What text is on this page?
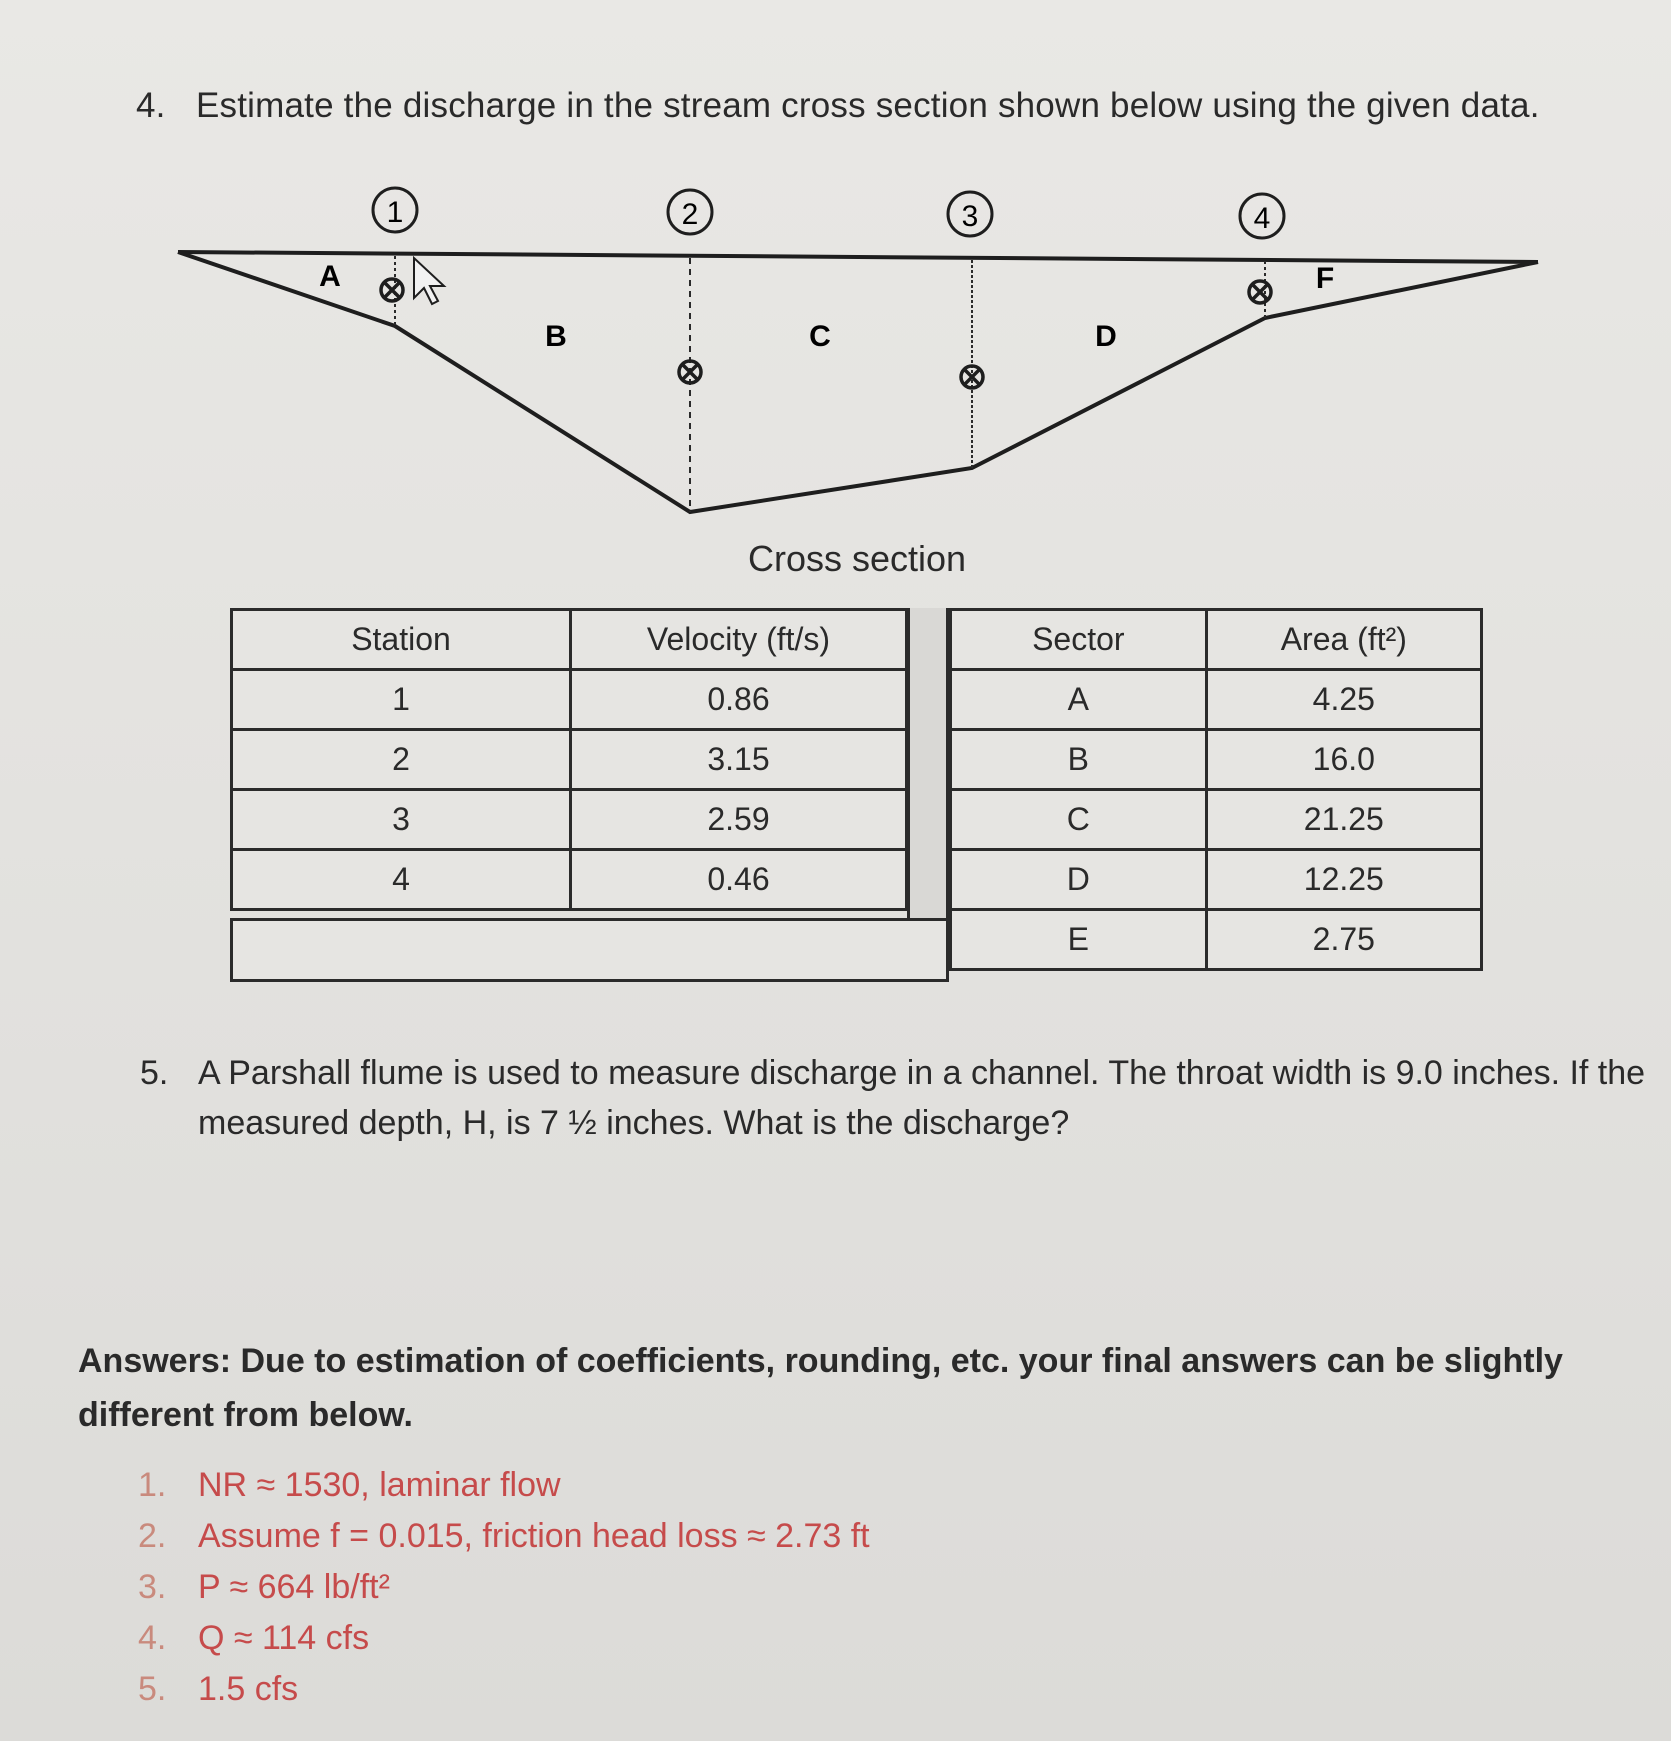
4. Estimate the discharge in the stream cross section shown below using the given data.
1	2	3	4
A
B	C	D
F
Cross section
Station	Velocity (ft/s)
1	0.86
2	3.15
3	2.59
4	0.46
Sector	Area (ft²)
A	4.25
B	16.0
C	21.25
D	12.25
E	2.75
5. A Parshall flume is used to measure discharge in a channel. The throat width is 9.0 inches. If the measured depth, H, is 7 ½ inches. What is the discharge?
Answers: Due to estimation of coefficients, rounding, etc. your final answers can be slightly different from below.
1. NR ≈ 1530, laminar flow
2. Assume f = 0.015, friction head loss ≈ 2.73 ft
3. P ≈ 664 lb/ft²
4. Q ≈ 114 cfs
5. 1.5 cfs
